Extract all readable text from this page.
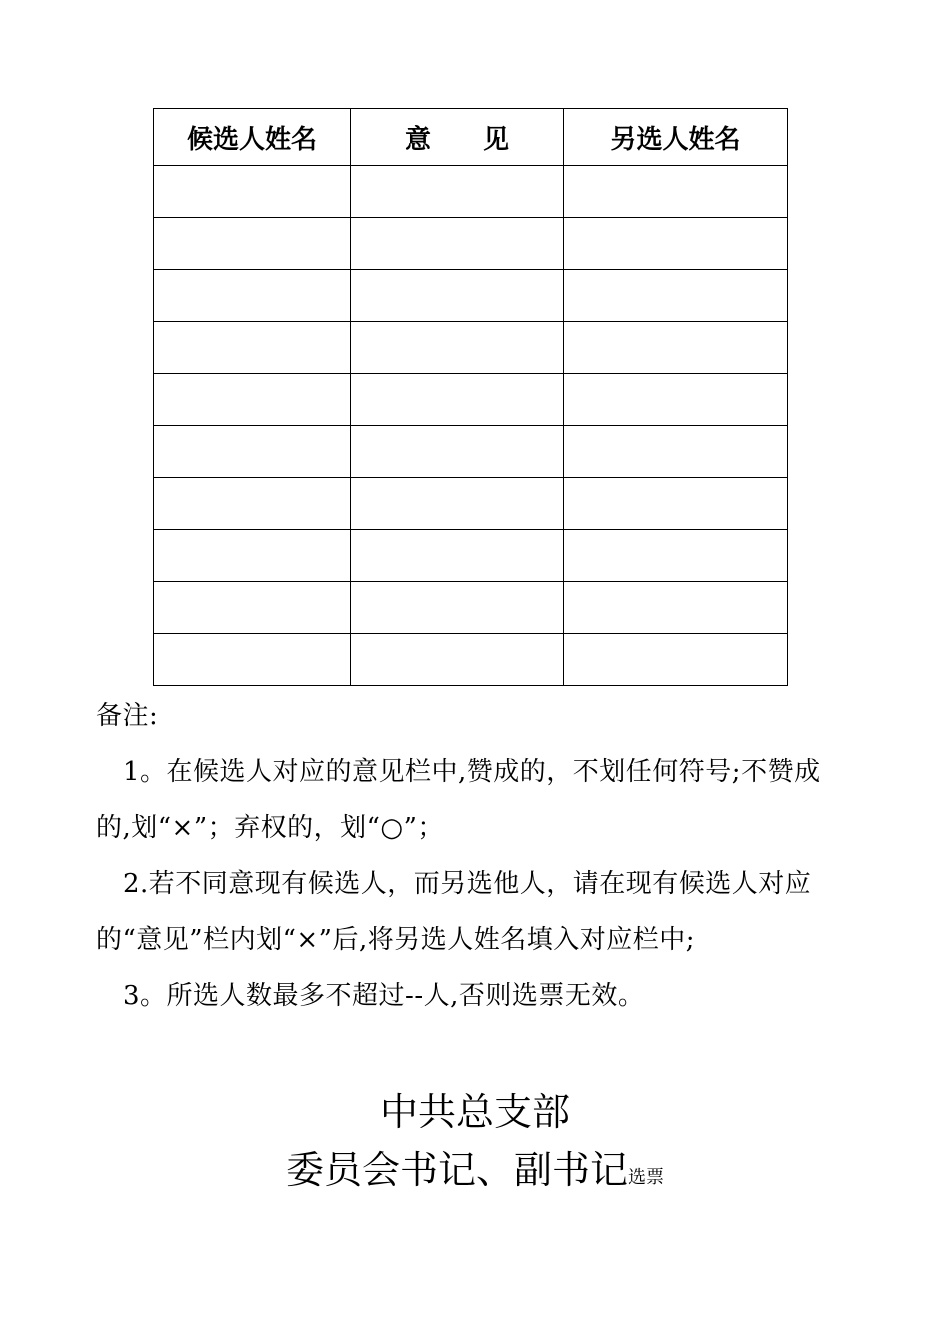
候选人姓名	意　　见	另选人姓名

备注:

1。在候选人对应的意见栏中,赞成的，不划任何符号;不赞成的,划“×”；弃权的，划“○”；

2.若不同意现有候选人，而另选他人，请在现有候选人对应的“意见”栏内划“×”后,将另选人姓名填入对应栏中;

3。所选人数最多不超过--人,否则选票无效。

中共总支部
委员会书记、副书记选票
